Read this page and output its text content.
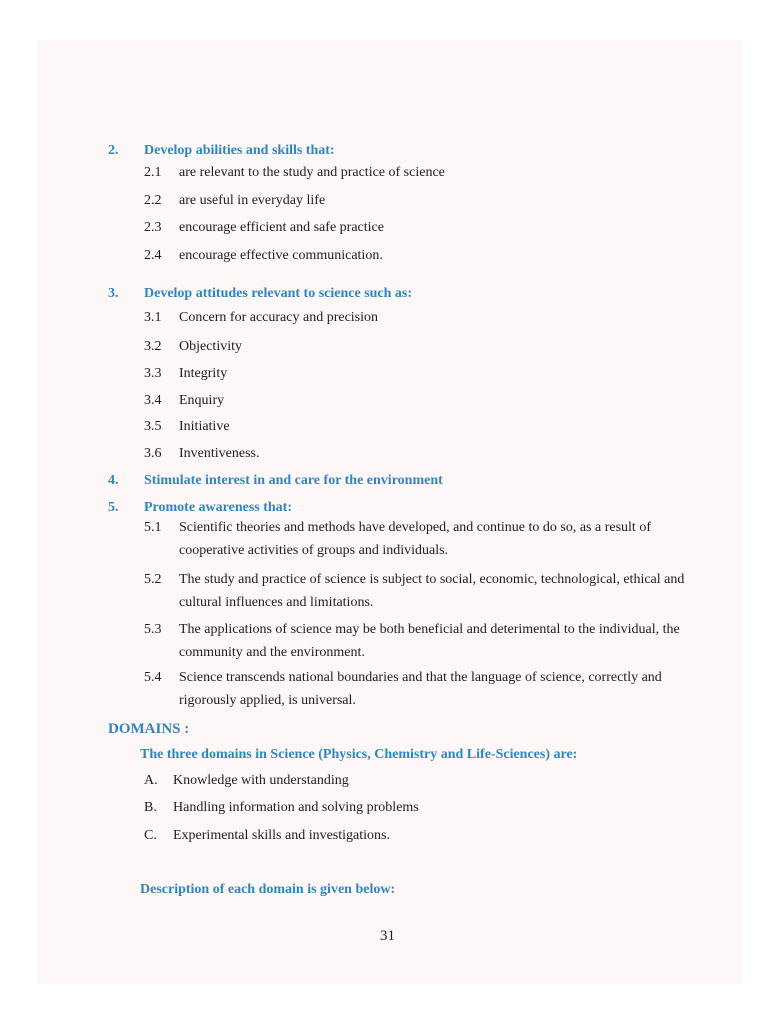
2. Develop abilities and skills that:
2.1 are relevant to the study and practice of science
2.2 are useful in everyday life
2.3 encourage efficient and safe practice
2.4 encourage effective communication.
3. Develop attitudes relevant to science such as:
3.1 Concern for accuracy and precision
3.2 Objectivity
3.3 Integrity
3.4 Enquiry
3.5 Initiative
3.6 Inventiveness.
4. Stimulate interest in and care for the environment
5. Promote awareness that:
5.1 Scientific theories and methods have developed, and continue to do so, as a result of cooperative activities of groups and individuals.
5.2 The study and practice of science is subject to social, economic, technological, ethical and cultural influences and limitations.
5.3 The applications of science may be both beneficial and deterimental to the individual, the community and the environment.
5.4 Science transcends national boundaries and that the language of science, correctly and rigorously applied, is universal.
DOMAINS :
The three domains in Science (Physics, Chemistry and Life-Sciences) are:
A. Knowledge with understanding
B. Handling information and solving problems
C. Experimental skills and investigations.
Description of each domain is given below:
31
